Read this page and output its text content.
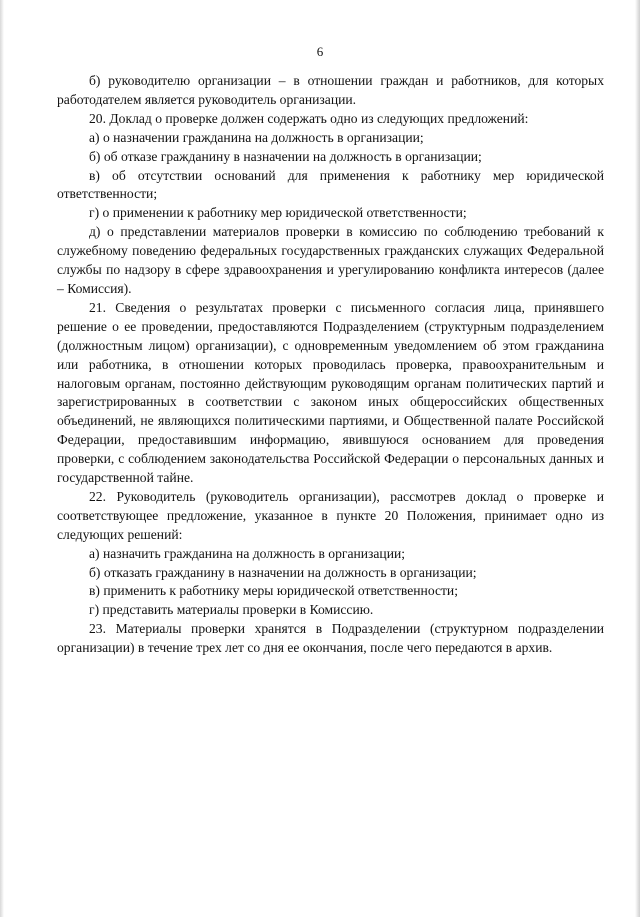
6

б) руководителю организации – в отношении граждан и работников, для которых работодателем является руководитель организации.

20. Доклад о проверке должен содержать одно из следующих предложений:

а) о назначении гражданина на должность в организации;

б) об отказе гражданину в назначении на должность в организации;

в) об отсутствии оснований для применения к работнику мер юридической ответственности;

г) о применении к работнику мер юридической ответственности;

д) о представлении материалов проверки в комиссию по соблюдению требований к служебному поведению федеральных государственных гражданских служащих Федеральной службы по надзору в сфере здравоохранения и урегулированию конфликта интересов (далее – Комиссия).

21. Сведения о результатах проверки с письменного согласия лица, принявшего решение о ее проведении, предоставляются Подразделением (структурным подразделением (должностным лицом) организации), с одновременным уведомлением об этом гражданина или работника, в отношении которых проводилась проверка, правоохранительным и налоговым органам, постоянно действующим руководящим органам политических партий и зарегистрированных в соответствии с законом иных общероссийских общественных объединений, не являющихся политическими партиями, и Общественной палате Российской Федерации, предоставившим информацию, явившуюся основанием для проведения проверки, с соблюдением законодательства Российской Федерации о персональных данных и государственной тайне.

22. Руководитель (руководитель организации), рассмотрев доклад о проверке и соответствующее предложение, указанное в пункте 20 Положения, принимает одно из следующих решений:

а) назначить гражданина на должность в организации;

б) отказать гражданину в назначении на должность в организации;

в) применить к работнику меры юридической ответственности;

г) представить материалы проверки в Комиссию.

23. Материалы проверки хранятся в Подразделении (структурном подразделении организации) в течение трех лет со дня ее окончания, после чего передаются в архив.
